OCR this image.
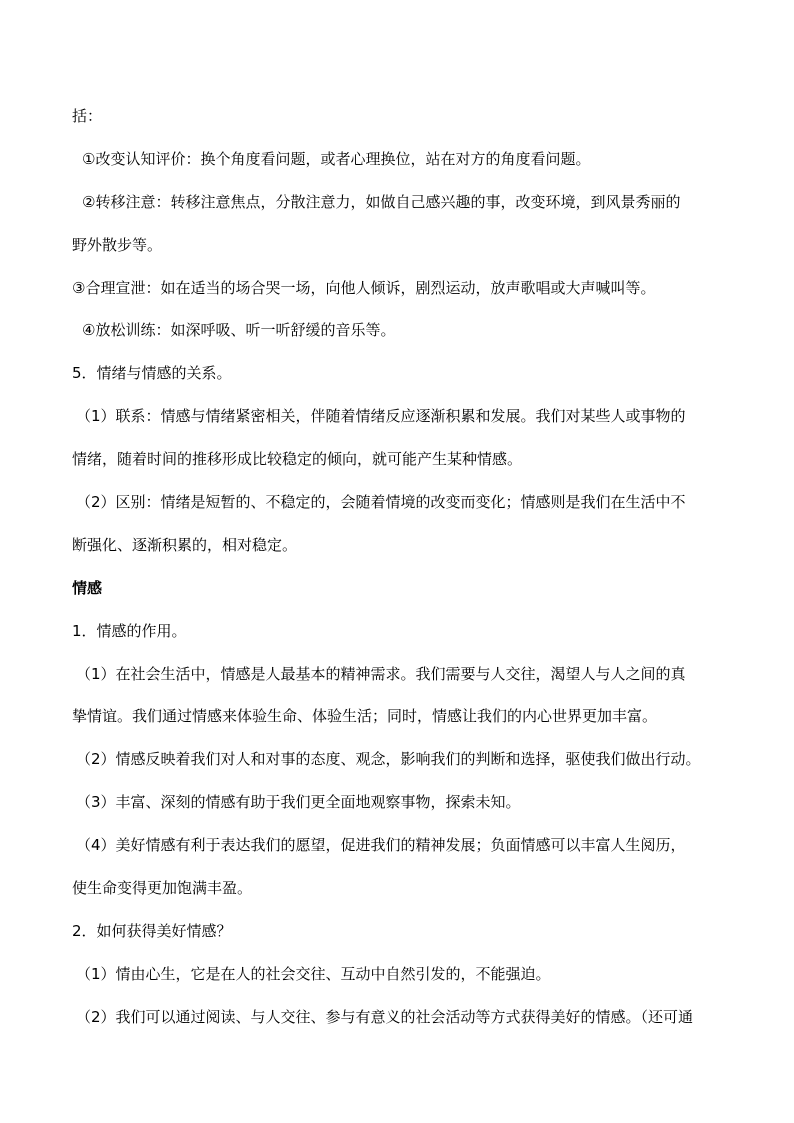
括：
①改变认知评价：换个角度看问题，或者心理换位，站在对方的角度看问题。
②转移注意：转移注意焦点，分散注意力，如做自己感兴趣的事，改变环境，到风景秀丽的
野外散步等。
③合理宣泄：如在适当的场合哭一场，向他人倾诉，剧烈运动，放声歌唱或大声喊叫等。
④放松训练：如深呼吸、听一听舒缓的音乐等。
5．情绪与情感的关系。
（1）联系：情感与情绪紧密相关，伴随着情绪反应逐渐积累和发展。我们对某些人或事物的
情绪，随着时间的推移形成比较稳定的倾向，就可能产生某种情感。
（2）区别：情绪是短暂的、不稳定的，会随着情境的改变而变化；情感则是我们在生活中不
断强化、逐渐积累的，相对稳定。
情感
1．情感的作用。
（1）在社会生活中，情感是人最基本的精神需求。我们需要与人交往，渴望人与人之间的真
挚情谊。我们通过情感来体验生命、体验生活；同时，情感让我们的内心世界更加丰富。
（2）情感反映着我们对人和对事的态度、观念，影响我们的判断和选择，驱使我们做出行动。
（3）丰富、深刻的情感有助于我们更全面地观察事物，探索未知。
（4）美好情感有利于表达我们的愿望，促进我们的精神发展；负面情感可以丰富人生阅历，
使生命变得更加饱满丰盈。
2．如何获得美好情感？
（1）情由心生，它是在人的社会交往、互动中自然引发的，不能强迫。
（2）我们可以通过阅读、与人交往、参与有意义的社会活动等方式获得美好的情感。（还可通
